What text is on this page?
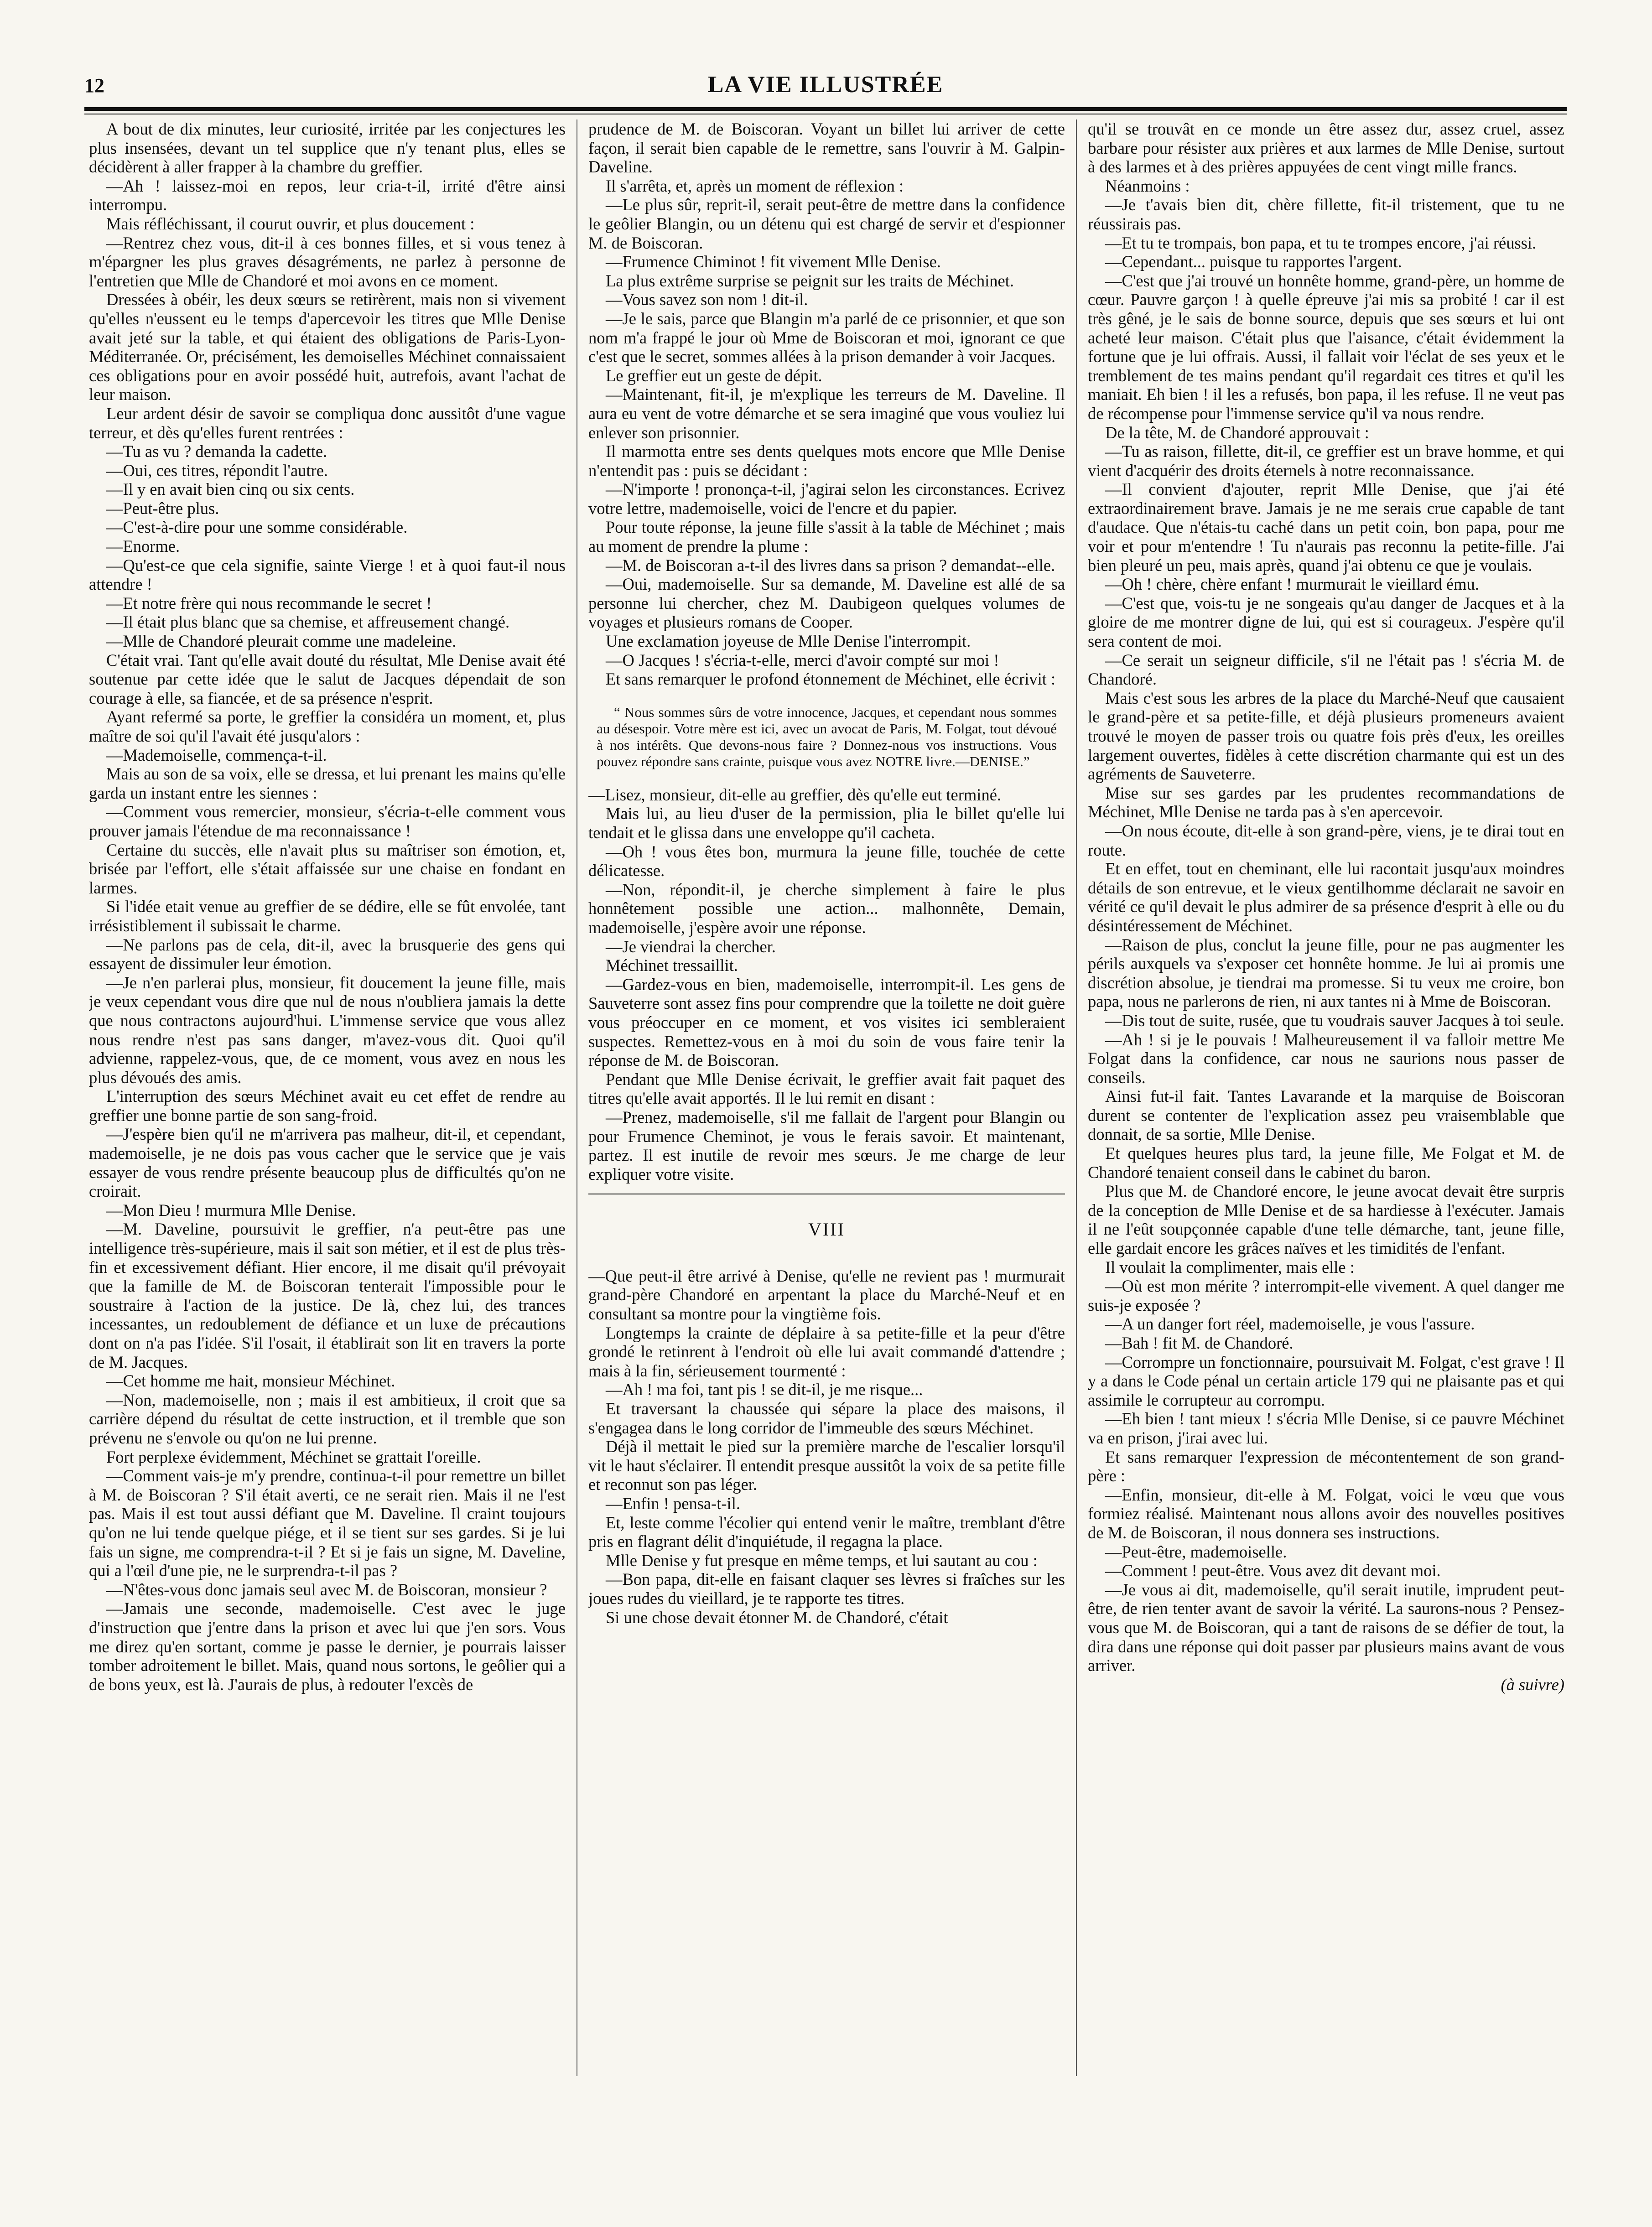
12	LA VIE ILLUSTRÉE

A bout de dix minutes, leur curiosité, irritée par les conjectures les plus insensées, devant un tel supplice que n'y tenant plus, elles se décidèrent à aller frapper à la chambre du greffier.

—Ah ! laissez-moi en repos, leur cria-t-il, irrité d'être ainsi interrompu.

Mais réfléchissant, il courut ouvrir, et plus doucement :

—Rentrez chez vous, dit-il à ces bonnes filles, et si vous tenez à m'épargner les plus graves désagréments, ne parlez à personne de l'entretien que Mlle de Chandoré et moi avons en ce moment.

Dressées à obéir, les deux sœurs se retirèrent, mais non si vivement qu'elles n'eussent eu le temps d'apercevoir les titres que Mlle Denise avait jeté sur la table, et qui étaient des obligations de Paris-Lyon-Méditerranée. Or, précisément, les demoiselles Méchinet connaissaient ces obligations pour en avoir possédé huit, autrefois, avant l'achat de leur maison.

Leur ardent désir de savoir se compliqua donc aussitôt d'une vague terreur, et dès qu'elles furent rentrées :

—Tu as vu ? demanda la cadette.

—Oui, ces titres, répondit l'autre.

—Il y en avait bien cinq ou six cents.

—Peut-être plus.

—C'est-à-dire pour une somme considérable.

—Enorme.

—Qu'est-ce que cela signifie, sainte Vierge ! et à quoi faut-il nous attendre !

—Et notre frère qui nous recommande le secret !

—Il était plus blanc que sa chemise, et affreusement changé.

—Mlle de Chandoré pleurait comme une madeleine.

C'était vrai. Tant qu'elle avait douté du résultat, Mle Denise avait été soutenue par cette idée que le salut de Jacques dépendait de son courage à elle, sa fiancée, et de sa présence n'esprit.

Ayant refermé sa porte, le greffier la considéra un moment, et, plus maître de soi qu'il l'avait été jusqu'alors :

—Mademoiselle, commença-t-il.

Mais au son de sa voix, elle se dressa, et lui prenant les mains qu'elle garda un instant entre les siennes :

—Comment vous remercier, monsieur, s'écria-t-elle comment vous prouver jamais l'étendue de ma reconnaissance !

Certaine du succès, elle n'avait plus su maîtriser son émotion, et, brisée par l'effort, elle s'était affaissée sur une chaise en fondant en larmes.

Si l'idée etait venue au greffier de se dédire, elle se fût envolée, tant irrésistiblement il subissait le charme.

—Ne parlons pas de cela, dit-il, avec la brusquerie des gens qui essayent de dissimuler leur émotion.

—Je n'en parlerai plus, monsieur, fit doucement la jeune fille, mais je veux cependant vous dire que nul de nous n'oubliera jamais la dette que nous contractons aujourd'hui. L'immense service que vous allez nous rendre n'est pas sans danger, m'avez-vous dit. Quoi qu'il advienne, rappelez-vous, que, de ce moment, vous avez en nous les plus dévoués des amis.

L'interruption des sœurs Méchinet avait eu cet effet de rendre au greffier une bonne partie de son sang-froid.

—J'espère bien qu'il ne m'arrivera pas malheur, dit-il, et cependant, mademoiselle, je ne dois pas vous cacher que le service que je vais essayer de vous rendre présente beaucoup plus de difficultés qu'on ne croirait.

—Mon Dieu ! murmura Mlle Denise.

—M. Daveline, poursuivit le greffier, n'a peut-être pas une intelligence très-supérieure, mais il sait son métier, et il est de plus très-fin et excessivement défiant. Hier encore, il me disait qu'il prévoyait que la famille de M. de Boiscoran tenterait l'impossible pour le soustraire à l'action de la justice. De là, chez lui, des trances incessantes, un redoublement de défiance et un luxe de précautions dont on n'a pas l'idée. S'il l'osait, il établirait son lit en travers la porte de M. Jacques.

—Cet homme me hait, monsieur Méchinet.

—Non, mademoiselle, non ; mais il est ambitieux, il croit que sa carrière dépend du résultat de cette instruction, et il tremble que son prévenu ne s'envole ou qu'on ne lui prenne.

Fort perplexe évidemment, Méchinet se grattait l'oreille.

—Comment vais-je m'y prendre, continua-t-il pour remettre un billet à M. de Boiscoran ? S'il était averti, ce ne serait rien. Mais il ne l'est pas. Mais il est tout aussi défiant que M. Daveline. Il craint toujours qu'on ne lui tende quelque piége, et il se tient sur ses gardes. Si je lui fais un signe, me comprendra-t-il ? Et si je fais un signe, M. Daveline, qui a l'œil d'une pie, ne le surprendra-t-il pas ?

—N'êtes-vous donc jamais seul avec M. de Boiscoran, monsieur ?

—Jamais une seconde, mademoiselle. C'est avec le juge d'instruction que j'entre dans la prison et avec lui que j'en sors. Vous me direz qu'en sortant, comme je passe le dernier, je pourrais laisser tomber adroitement le billet. Mais, quand nous sortons, le geôlier qui a de bons yeux, est là. J'aurais de plus, à redouter l'excès de

prudence de M. de Boiscoran. Voyant un billet lui arriver de cette façon, il serait bien capable de le remettre, sans l'ouvrir à M. Galpin-Daveline.

Il s'arrêta, et, après un moment de réflexion :

—Le plus sûr, reprit-il, serait peut-être de mettre dans la confidence le geôlier Blangin, ou un détenu qui est chargé de servir et d'espionner M. de Boiscoran.

—Frumence Chiminot ! fit vivement Mlle Denise.

La plus extrême surprise se peignit sur les traits de Méchinet.

—Vous savez son nom ! dit-il.

—Je le sais, parce que Blangin m'a parlé de ce prisonnier, et que son nom m'a frappé le jour où Mme de Boiscoran et moi, ignorant ce que c'est que le secret, sommes allées à la prison demander à voir Jacques.

Le greffier eut un geste de dépit.

—Maintenant, fit-il, je m'explique les terreurs de M. Daveline. Il aura eu vent de votre démarche et se sera imaginé que vous vouliez lui enlever son prisonnier.

Il marmotta entre ses dents quelques mots encore que Mlle Denise n'entendit pas : puis se décidant :

—N'importe ! prononça-t-il, j'agirai selon les circonstances. Ecrivez votre lettre, mademoiselle, voici de l'encre et du papier.

Pour toute réponse, la jeune fille s'assit à la table de Méchinet ; mais au moment de prendre la plume :

—M. de Boiscoran a-t-il des livres dans sa prison ? demandat--elle.

—Oui, mademoiselle. Sur sa demande, M. Daveline est allé de sa personne lui chercher, chez M. Daubigeon quelques volumes de voyages et plusieurs romans de Cooper.

Une exclamation joyeuse de Mlle Denise l'interrompit.

—O Jacques ! s'écria-t-elle, merci d'avoir compté sur moi !

Et sans remarquer le profond étonnement de Méchinet, elle écrivit :

“ Nous sommes sûrs de votre innocence, Jacques, et cependant nous sommes au désespoir. Votre mère est ici, avec un avocat de Paris, M. Folgat, tout dévoué à nos intérêts. Que devons-nous faire ? Donnez-nous vos instructions. Vous pouvez répondre sans crainte, puisque vous avez NOTRE livre.—DENISE.”

—Lisez, monsieur, dit-elle au greffier, dès qu'elle eut terminé.

Mais lui, au lieu d'user de la permission, plia le billet qu'elle lui tendait et le glissa dans une enveloppe qu'il cacheta.

—Oh ! vous êtes bon, murmura la jeune fille, touchée de cette délicatesse.

—Non, répondit-il, je cherche simplement à faire le plus honnêtement possible une action... malhonnête, Demain, mademoiselle, j'espère avoir une réponse.

—Je viendrai la chercher.

Méchinet tressaillit.

—Gardez-vous en bien, mademoiselle, interrompit-il. Les gens de Sauveterre sont assez fins pour comprendre que la toilette ne doit guère vous préoccuper en ce moment, et vos visites ici sembleraient suspectes. Remettez-vous en à moi du soin de vous faire tenir la réponse de M. de Boiscoran.

Pendant que Mlle Denise écrivait, le greffier avait fait paquet des titres qu'elle avait apportés. Il le lui remit en disant :

—Prenez, mademoiselle, s'il me fallait de l'argent pour Blangin ou pour Frumence Cheminot, je vous le ferais savoir. Et maintenant, partez. Il est inutile de revoir mes sœurs. Je me charge de leur expliquer votre visite.

VIII

—Que peut-il être arrivé à Denise, qu'elle ne revient pas ! murmurait grand-père Chandoré en arpentant la place du Marché-Neuf et en consultant sa montre pour la vingtième fois.

Longtemps la crainte de déplaire à sa petite-fille et la peur d'être grondé le retinrent à l'endroit où elle lui avait commandé d'attendre ; mais à la fin, sérieusement tourmenté :

—Ah ! ma foi, tant pis ! se dit-il, je me risque...

Et traversant la chaussée qui sépare la place des maisons, il s'engagea dans le long corridor de l'immeuble des sœurs Méchinet.

Déjà il mettait le pied sur la première marche de l'escalier lorsqu'il vit le haut s'éclairer. Il entendit presque aussitôt la voix de sa petite fille et reconnut son pas léger.

—Enfin ! pensa-t-il.

Et, leste comme l'écolier qui entend venir le maître, tremblant d'être pris en flagrant délit d'inquiétude, il regagna la place.

Mlle Denise y fut presque en même temps, et lui sautant au cou :

—Bon papa, dit-elle en faisant claquer ses lèvres si fraîches sur les joues rudes du vieillard, je te rapporte tes titres.

Si une chose devait étonner M. de Chandoré, c'était

qu'il se trouvât en ce monde un être assez dur, assez cruel, assez barbare pour résister aux prières et aux larmes de Mlle Denise, surtout à des larmes et à des prières appuyées de cent vingt mille francs.

Néanmoins :

—Je t'avais bien dit, chère fillette, fit-il tristement, que tu ne réussirais pas.

—Et tu te trompais, bon papa, et tu te trompes encore, j'ai réussi.

—Cependant... puisque tu rapportes l'argent.

—C'est que j'ai trouvé un honnête homme, grand-père, un homme de cœur. Pauvre garçon ! à quelle épreuve j'ai mis sa probité ! car il est très gêné, je le sais de bonne source, depuis que ses sœurs et lui ont acheté leur maison. C'était plus que l'aisance, c'était évidemment la fortune que je lui offrais. Aussi, il fallait voir l'éclat de ses yeux et le tremblement de tes mains pendant qu'il regardait ces titres et qu'il les maniait. Eh bien ! il les a refusés, bon papa, il les refuse. Il ne veut pas de récompense pour l'immense service qu'il va nous rendre.

De la tête, M. de Chandoré approuvait :

—Tu as raison, fillette, dit-il, ce greffier est un brave homme, et qui vient d'acquérir des droits éternels à notre reconnaissance.

—Il convient d'ajouter, reprit Mlle Denise, que j'ai été extraordinairement brave. Jamais je ne me serais crue capable de tant d'audace. Que n'étais-tu caché dans un petit coin, bon papa, pour me voir et pour m'entendre ! Tu n'aurais pas reconnu la petite-fille. J'ai bien pleuré un peu, mais après, quand j'ai obtenu ce que je voulais.

—Oh ! chère, chère enfant ! murmurait le vieillard ému.

—C'est que, vois-tu je ne songeais qu'au danger de Jacques et à la gloire de me montrer digne de lui, qui est si courageux. J'espère qu'il sera content de moi.

—Ce serait un seigneur difficile, s'il ne l'était pas ! s'écria M. de Chandoré.

Mais c'est sous les arbres de la place du Marché-Neuf que causaient le grand-père et sa petite-fille, et déjà plusieurs promeneurs avaient trouvé le moyen de passer trois ou quatre fois près d'eux, les oreilles largement ouvertes, fidèles à cette discrétion charmante qui est un des agréments de Sauveterre.

Mise sur ses gardes par les prudentes recommandations de Méchinet, Mlle Denise ne tarda pas à s'en apercevoir.

—On nous écoute, dit-elle à son grand-père, viens, je te dirai tout en route.

Et en effet, tout en cheminant, elle lui racontait jusqu'aux moindres détails de son entrevue, et le vieux gentilhomme déclarait ne savoir en vérité ce qu'il devait le plus admirer de sa présence d'esprit à elle ou du désintéressement de Méchinet.

—Raison de plus, conclut la jeune fille, pour ne pas augmenter les périls auxquels va s'exposer cet honnête homme. Je lui ai promis une discrétion absolue, je tiendrai ma promesse. Si tu veux me croire, bon papa, nous ne parlerons de rien, ni aux tantes ni à Mme de Boiscoran.

—Dis tout de suite, rusée, que tu voudrais sauver Jacques à toi seule.

—Ah ! si je le pouvais ! Malheureusement il va falloir mettre Me Folgat dans la confidence, car nous ne saurions nous passer de conseils.

Ainsi fut-il fait. Tantes Lavarande et la marquise de Boiscoran durent se contenter de l'explication assez peu vraisemblable que donnait, de sa sortie, Mlle Denise.

Et quelques heures plus tard, la jeune fille, Me Folgat et M. de Chandoré tenaient conseil dans le cabinet du baron.

Plus que M. de Chandoré encore, le jeune avocat devait être surpris de la conception de Mlle Denise et de sa hardiesse à l'exécuter. Jamais il ne l'eût soupçonnée capable d'une telle démarche, tant, jeune fille, elle gardait encore les grâces naïves et les timidités de l'enfant.

Il voulait la complimenter, mais elle :

—Où est mon mérite ? interrompit-elle vivement. A quel danger me suis-je exposée ?

—A un danger fort réel, mademoiselle, je vous l'assure.

—Bah ! fit M. de Chandoré.

—Corrompre un fonctionnaire, poursuivait M. Folgat, c'est grave ! Il y a dans le Code pénal un certain article 179 qui ne plaisante pas et qui assimile le corrupteur au corrompu.

—Eh bien ! tant mieux ! s'écria Mlle Denise, si ce pauvre Méchinet va en prison, j'irai avec lui.

Et sans remarquer l'expression de mécontentement de son grand-père :

—Enfin, monsieur, dit-elle à M. Folgat, voici le vœu que vous formiez réalisé. Maintenant nous allons avoir des nouvelles positives de M. de Boiscoran, il nous donnera ses instructions.

—Peut-être, mademoiselle.

—Comment ! peut-être. Vous avez dit devant moi.

—Je vous ai dit, mademoiselle, qu'il serait inutile, imprudent peut-être, de rien tenter avant de savoir la vérité. La saurons-nous ? Pensez-vous que M. de Boiscoran, qui a tant de raisons de se défier de tout, la dira dans une réponse qui doit passer par plusieurs mains avant de vous arriver.

(à suivre)
